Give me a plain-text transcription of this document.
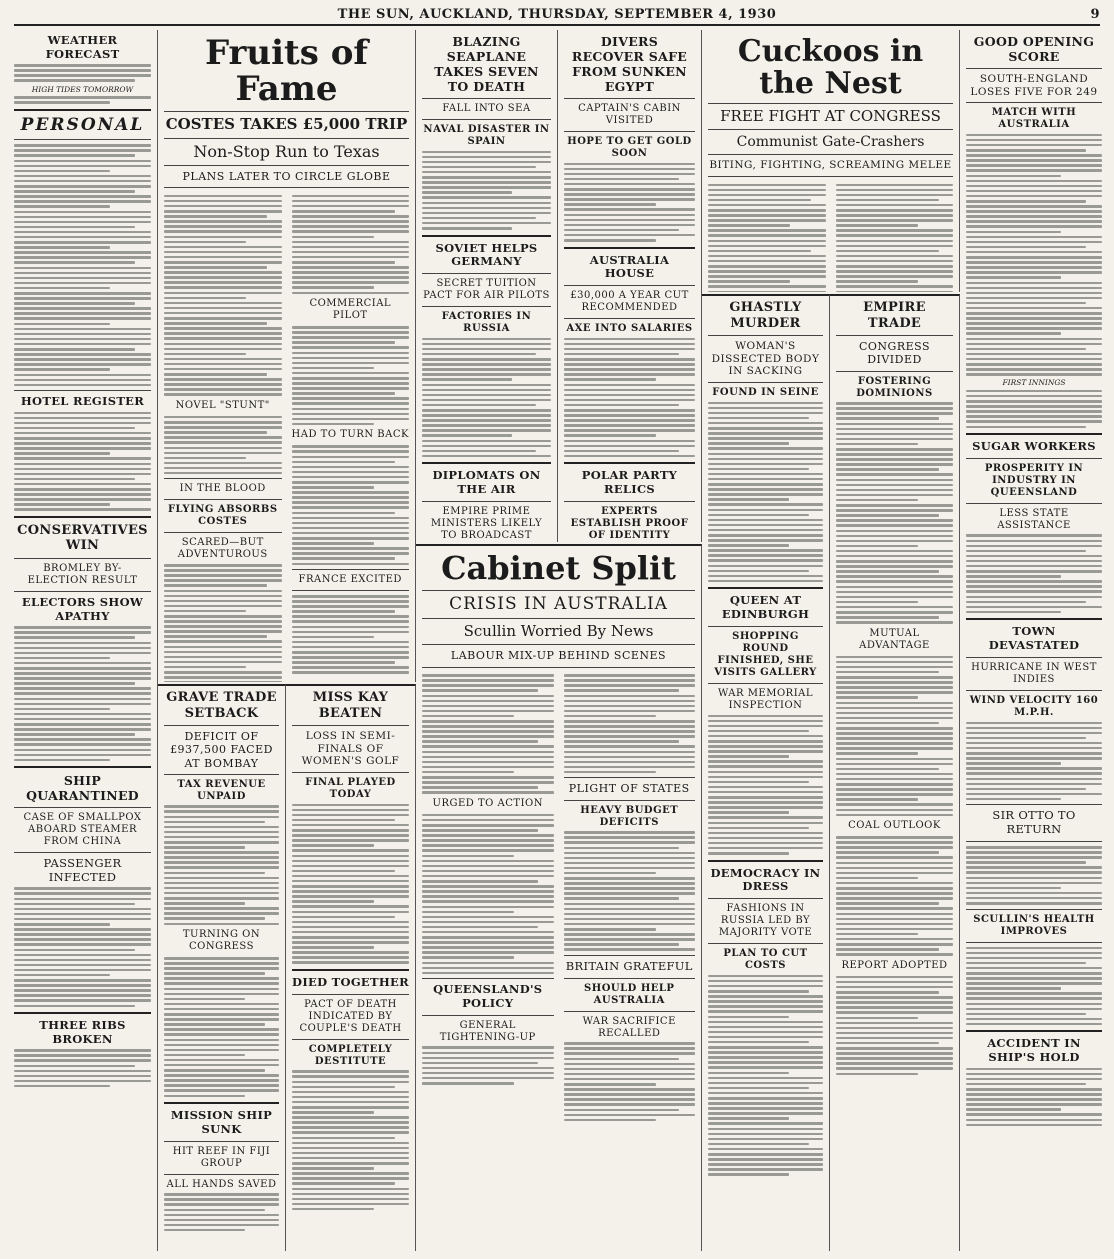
THE SUN, AUCKLAND, THURSDAY, SEPTEMBER 4, 1930	9
WEATHER FORECAST
HIGH TIDES TOMORROW
PERSONAL
HOTEL REGISTER
CONSERVATIVES WIN
BROMLEY BY-ELECTION RESULT
ELECTORS SHOW APATHY
SHIP QUARANTINED
CASE OF SMALLPOX ABOARD STEAMER FROM CHINA
PASSENGER INFECTED
THREE RIBS BROKEN
Fruits of Fame
COSTES TAKES £5,000 TRIP
Non-Stop Run to Texas
PLANS LATER TO CIRCLE GLOBE
NOVEL "STUNT"
IN THE BLOOD
FLYING ABSORBS COSTES
SCARED—BUT ADVENTUROUS
COMMERCIAL PILOT
HAD TO TURN BACK
FRANCE EXCITED
GRAVE TRADE SETBACK
DEFICIT OF £937,500 FACED AT BOMBAY
TAX REVENUE UNPAID
TURNING ON CONGRESS
MISSION SHIP SUNK
HIT REEF IN FIJI GROUP
ALL HANDS SAVED
MISS KAY BEATEN
LOSS IN SEMI-FINALS OF WOMEN'S GOLF
FINAL PLAYED TODAY
DIED TOGETHER
PACT OF DEATH INDICATED BY COUPLE'S DEATH
COMPLETELY DESTITUTE
BLAZING SEAPLANE TAKES SEVEN TO DEATH
FALL INTO SEA
NAVAL DISASTER IN SPAIN
SOVIET HELPS GERMANY
SECRET TUITION PACT FOR AIR PILOTS
FACTORIES IN RUSSIA
DIPLOMATS ON THE AIR
EMPIRE PRIME MINISTERS LIKELY TO BROADCAST
DIVERS RECOVER SAFE FROM SUNKEN EGYPT
CAPTAIN'S CABIN VISITED
HOPE TO GET GOLD SOON
AUSTRALIA HOUSE
£30,000 A YEAR CUT RECOMMENDED
AXE INTO SALARIES
POLAR PARTY RELICS
EXPERTS ESTABLISH PROOF OF IDENTITY
Cabinet Split
CRISIS IN AUSTRALIA
Scullin Worried By News
LABOUR MIX-UP BEHIND SCENES
URGED TO ACTION
QUEENSLAND'S POLICY
GENERAL TIGHTENING-UP
PLIGHT OF STATES
HEAVY BUDGET DEFICITS
BRITAIN GRATEFUL
SHOULD HELP AUSTRALIA
WAR SACRIFICE RECALLED
Cuckoos in the Nest
FREE FIGHT AT CONGRESS
Communist Gate-Crashers
BITING, FIGHTING, SCREAMING MELEE
GHASTLY MURDER
WOMAN'S DISSECTED BODY IN SACKING
FOUND IN SEINE
QUEEN AT EDINBURGH
SHOPPING ROUND FINISHED, SHE VISITS GALLERY
WAR MEMORIAL INSPECTION
DEMOCRACY IN DRESS
FASHIONS IN RUSSIA LED BY MAJORITY VOTE
PLAN TO CUT COSTS
EMPIRE TRADE
CONGRESS DIVIDED
FOSTERING DOMINIONS
MUTUAL ADVANTAGE
COAL OUTLOOK
REPORT ADOPTED
GOOD OPENING SCORE
SOUTH-ENGLAND LOSES FIVE FOR 249
MATCH WITH AUSTRALIA
FIRST INNINGS
SUGAR WORKERS
PROSPERITY IN INDUSTRY IN QUEENSLAND
LESS STATE ASSISTANCE
TOWN DEVASTATED
HURRICANE IN WEST INDIES
WIND VELOCITY 160 M.P.H.
SIR OTTO TO RETURN
SCULLIN'S HEALTH IMPROVES
ACCIDENT IN SHIP'S HOLD
